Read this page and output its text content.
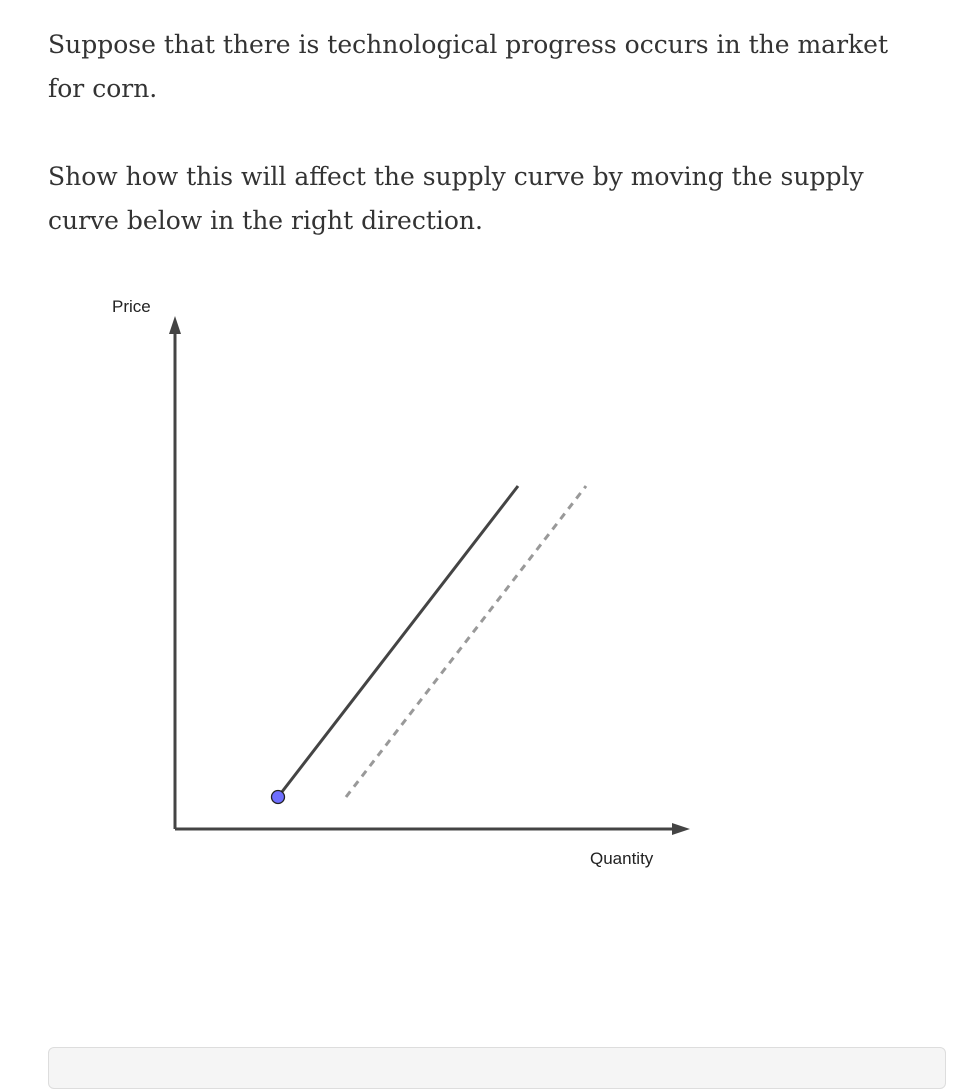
Suppose that there is technological progress occurs in the market for corn.

Show how this will affect the supply curve by moving the supply curve below in the right direction.

Price
Quantity
